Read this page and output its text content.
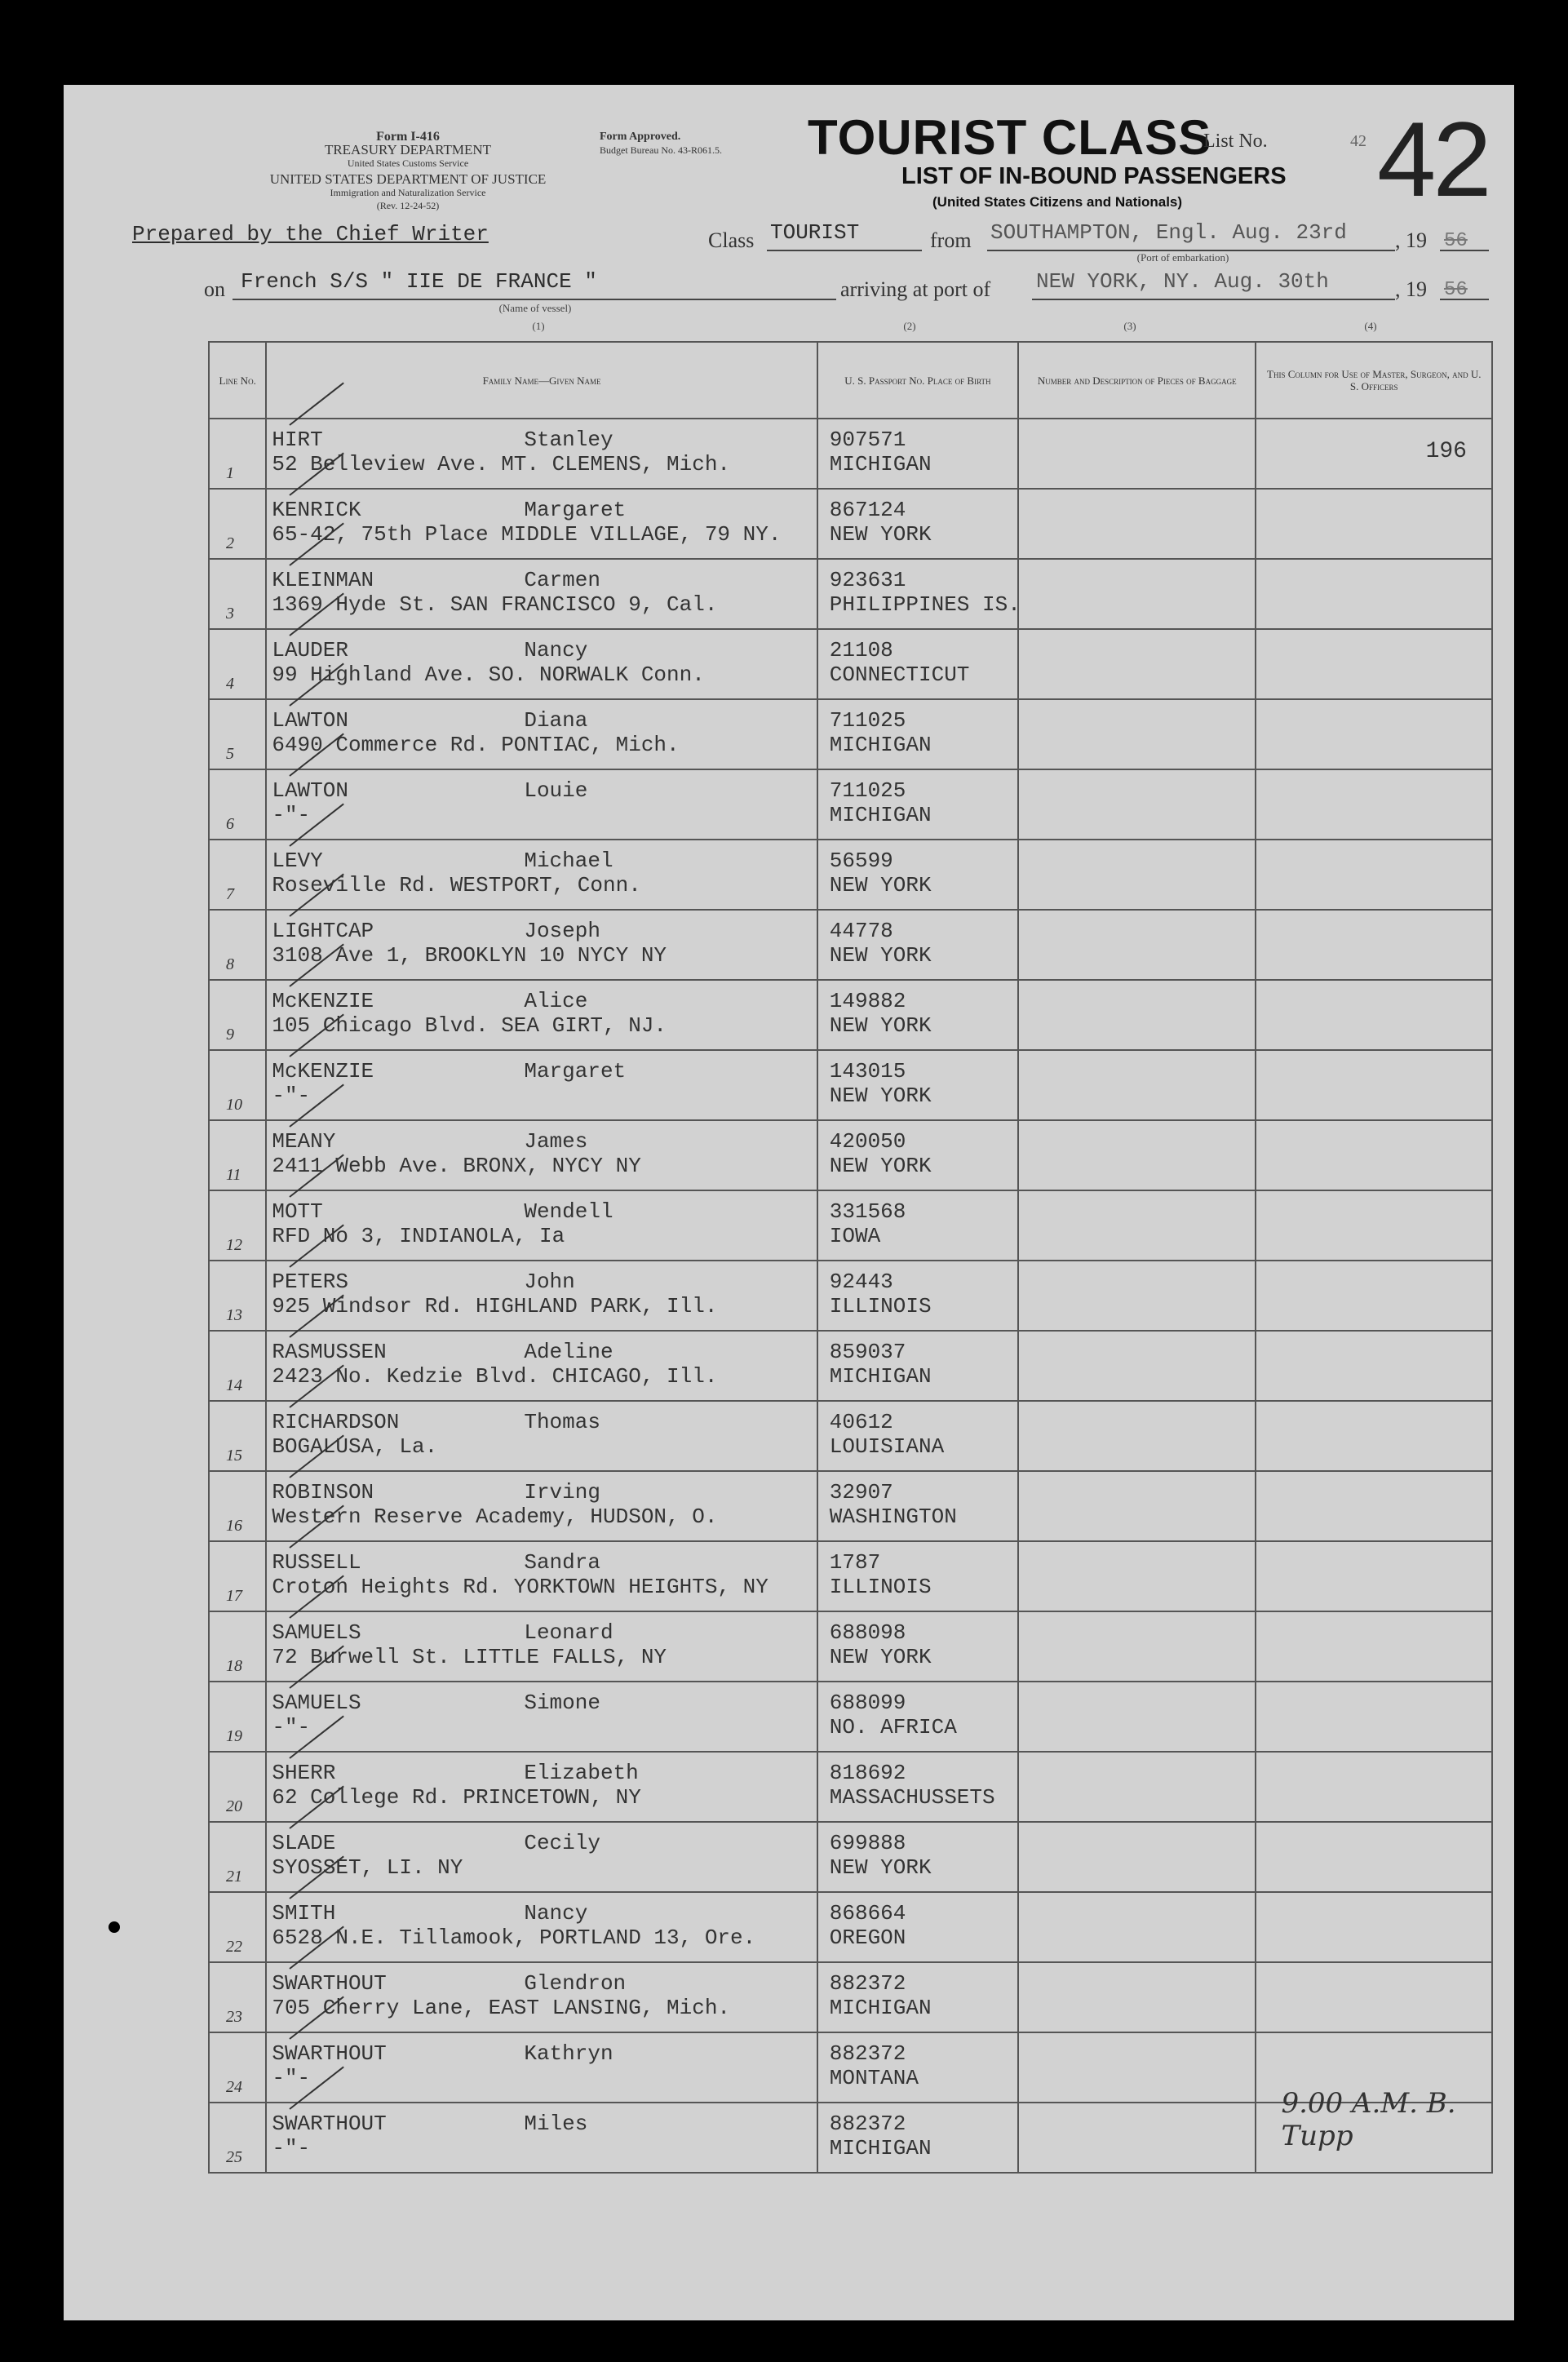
Form I-416
TREASURY DEPARTMENT
United States Customs Service
UNITED STATES DEPARTMENT OF JUSTICE
Immigration and Naturalization Service
(Rev. 12-24-52)
Form Approved.
Budget Bureau No. 43-R061.5.	TOURIST CLASS
List No.	42 42
LIST OF IN-BOUND PASSENGERS
(United States Citizens and Nationals)
Prepared by the Chief Writer	Class TOURIST	from SOUTHAMPTON, Engl. Aug. 23rd , 19 56
(Port of embarkation)
on French S/S " IIE DE FRANCE "
(Name of vessel)
arriving at port of NEW YORK, NY. Aug. 30th	, 19 56
(1)	(2)	(3)	(4)
Line No.	Family Name—Given Name	U. S. Passport No. Place of Birth	Number and Description of Pieces of Baggage	This Column for Use of Master, Surgeon, and U. S. Officers

1	HIRT Stanley
52 Belleview Ave. MT. CLEMENS, Mich.	907571
MICHIGAN		196

2	KENRICK Margaret
65-42, 75th Place MIDDLE VILLAGE, 79 NY.	867124
NEW YORK		

3	KLEINMAN Carmen
1369 Hyde St. SAN FRANCISCO 9, Cal.	923631
PHILIPPINES IS.		

4	LAUDER Nancy
99 Highland Ave. SO. NORWALK Conn.	21108
CONNECTICUT		

5	LAWTON Diana
6490 Commerce Rd. PONTIAC, Mich.	711025
MICHIGAN		

6	LAWTON Louie
-"-	711025
MICHIGAN		

7	LEVY Michael
Roseville Rd. WESTPORT, Conn.	56599
NEW YORK		

8	LIGHTCAP Joseph
3108 Ave 1, BROOKLYN 10 NYCY NY	44778
NEW YORK		

9	McKENZIE Alice
105 Chicago Blvd. SEA GIRT, NJ.	149882
NEW YORK		

10	McKENZIE Margaret
-"-	143015
NEW YORK		

11	MEANY James
2411 Webb Ave. BRONX, NYCY NY	420050
NEW YORK		

12	MOTT Wendell
RFD No 3, INDIANOLA, Ia	331568
IOWA		

13	PETERS John
925 Windsor Rd. HIGHLAND PARK, Ill.	92443
ILLINOIS		

14	RASMUSSEN Adeline
2423 No. Kedzie Blvd. CHICAGO, Ill.	859037
MICHIGAN		

15	RICHARDSON Thomas
BOGALUSA, La.	40612
LOUISIANA		

16	ROBINSON Irving
Western Reserve Academy, HUDSON, O.	32907
WASHINGTON		

17	RUSSELL Sandra
Croton Heights Rd. YORKTOWN HEIGHTS, NY	1787
ILLINOIS		

18	SAMUELS Leonard
72 Burwell St. LITTLE FALLS, NY	688098
NEW YORK		

19	SAMUELS Simone
-"-	688099
NO. AFRICA		

20	SHERR Elizabeth
62 College Rd. PRINCETOWN, NY	818692
MASSACHUSSETS		

21	SLADE Cecily
SYOSSET, LI. NY	699888
NEW YORK		

22	SMITH Nancy
6528 N.E. Tillamook, PORTLAND 13, Ore.	868664
OREGON		

23	SWARTHOUT Glendron
705 Cherry Lane, EAST LANSING, Mich.	882372
MICHIGAN		

24	SWARTHOUT Kathryn
-"-	882372
MONTANA		

25	SWARTHOUT Miles
-"-	882372
MICHIGAN		9.00 A.M. B. Tupp
